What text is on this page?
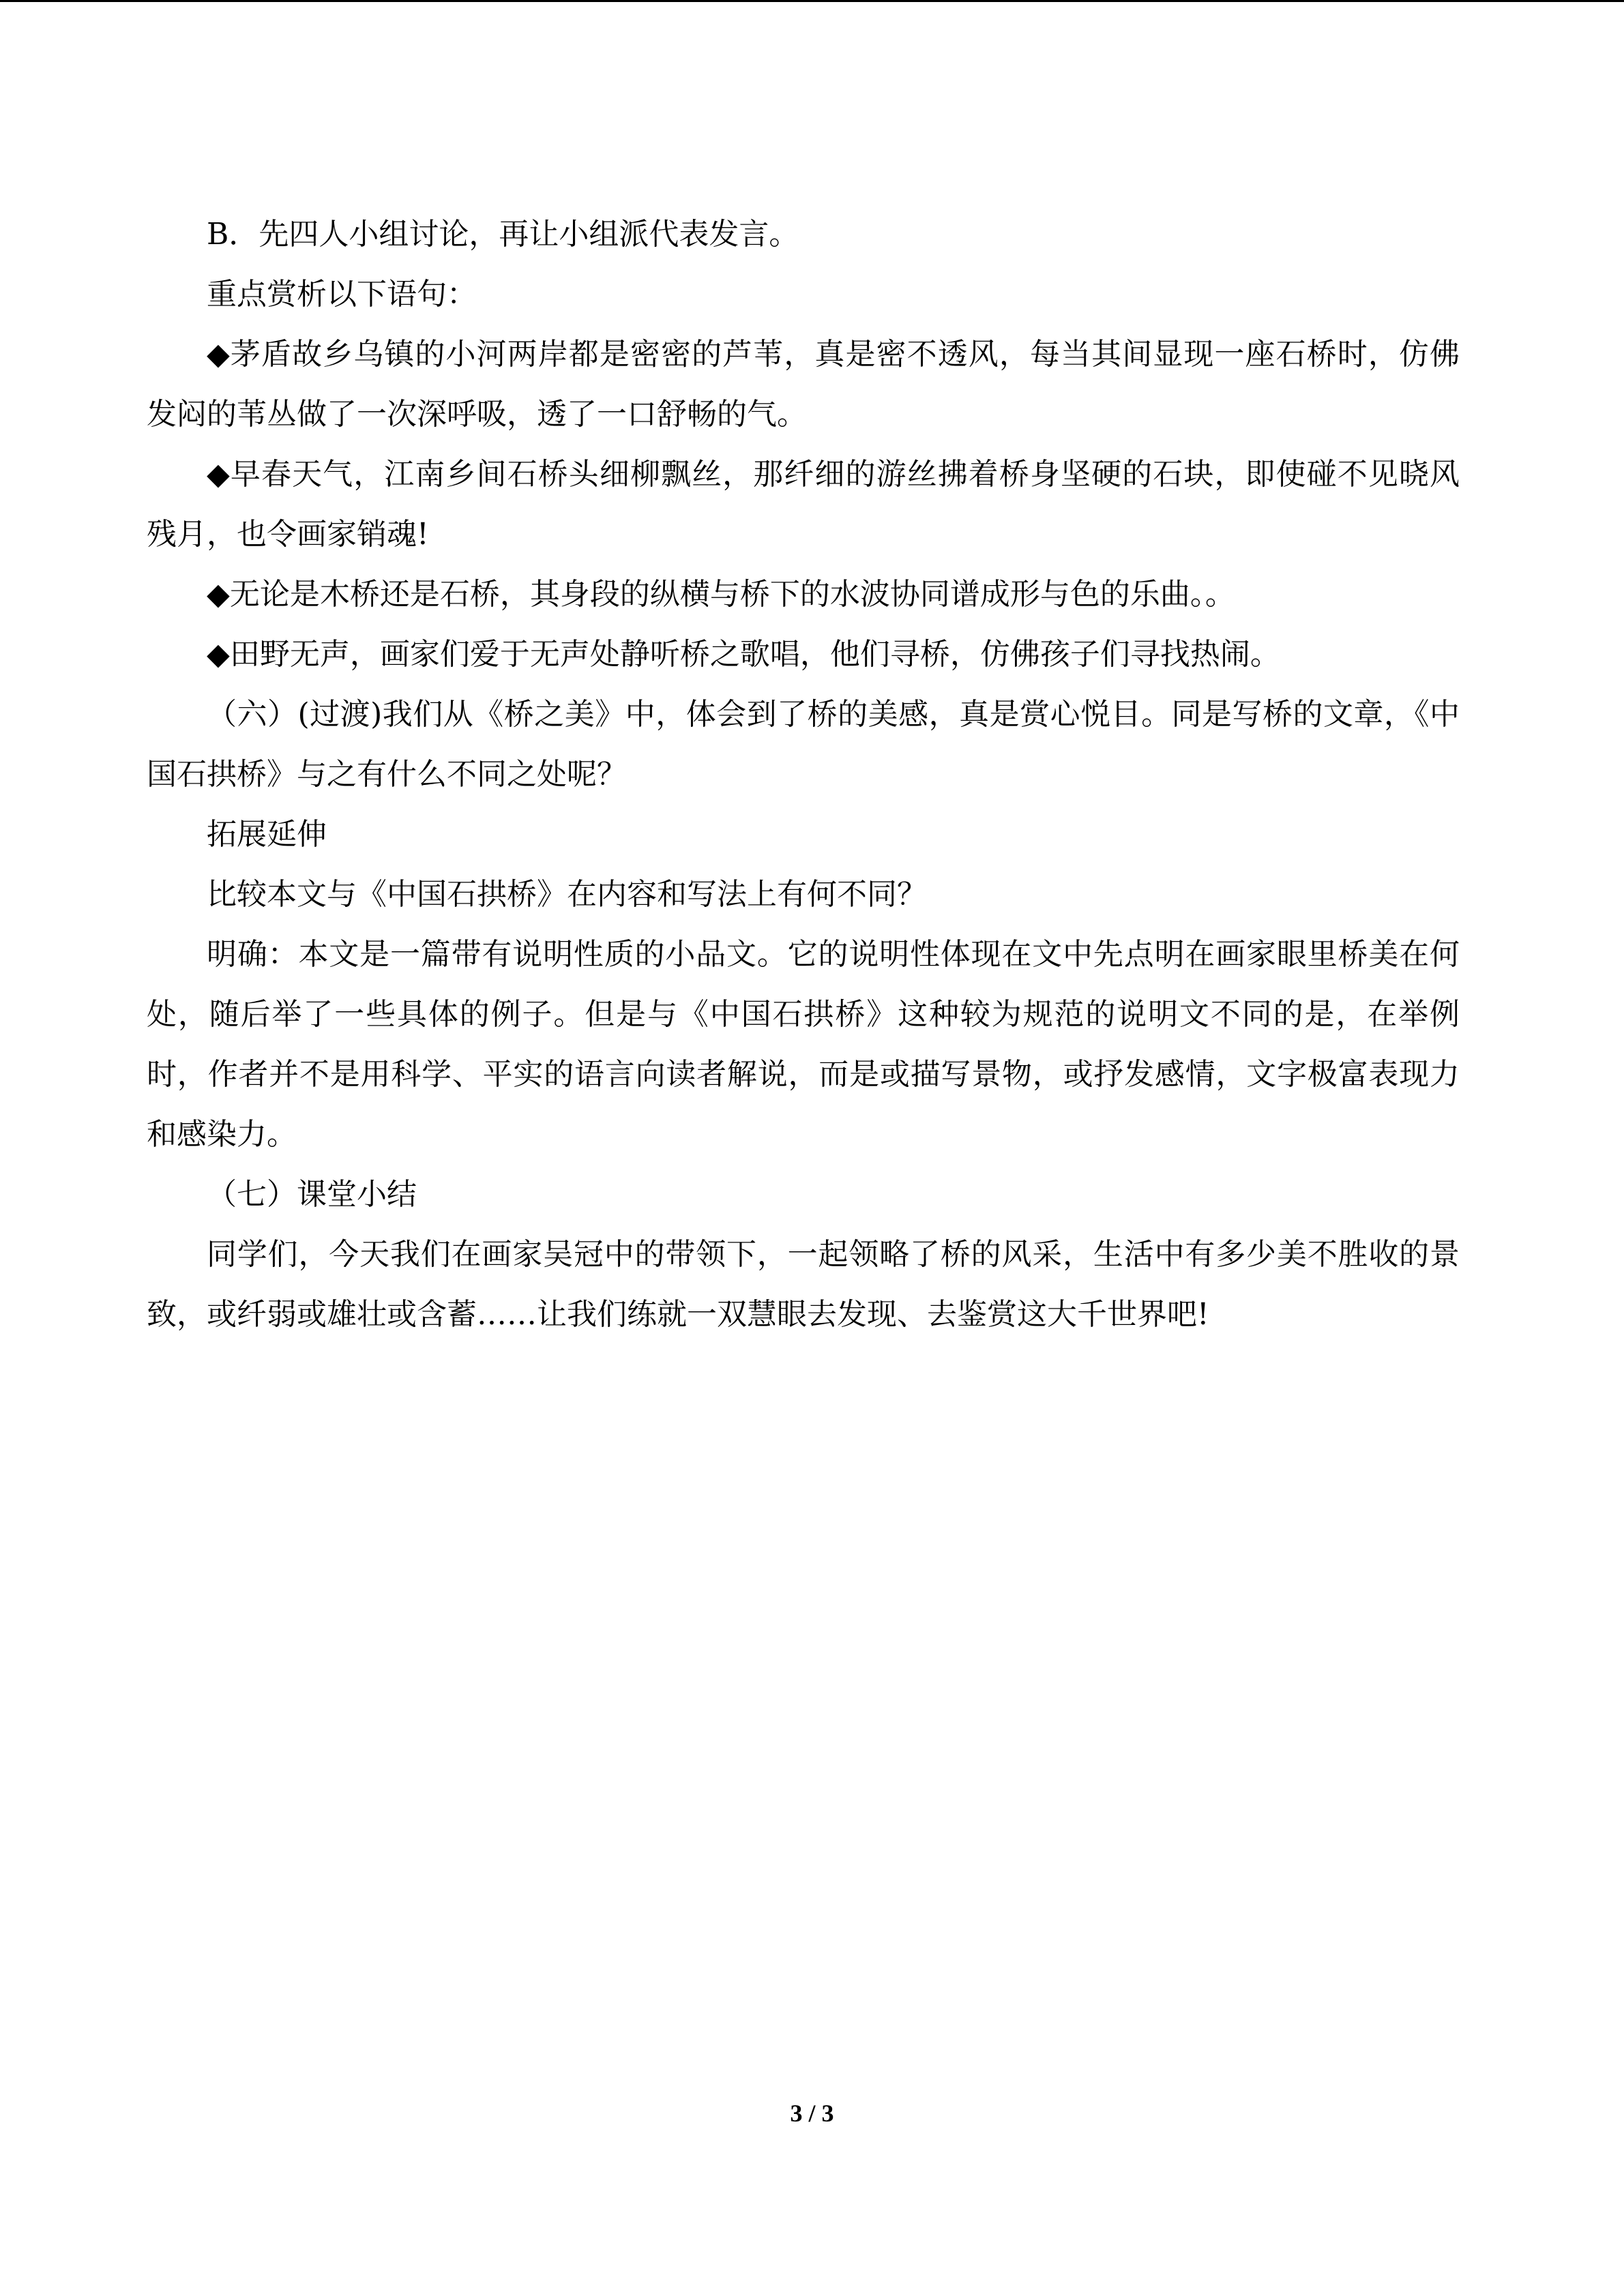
B．先四人小组讨论，再让小组派代表发言。

重点赏析以下语句：

◆茅盾故乡乌镇的小河两岸都是密密的芦苇，真是密不透风，每当其间显现一座石桥时，仿佛发闷的苇丛做了一次深呼吸，透了一口舒畅的气。

◆早春天气，江南乡间石桥头细柳飘丝，那纤细的游丝拂着桥身坚硬的石块，即使碰不见晓风残月，也令画家销魂!

◆无论是木桥还是石桥，其身段的纵横与桥下的水波协同谱成形与色的乐曲。。

◆田野无声，画家们爱于无声处静听桥之歌唱，他们寻桥，仿佛孩子们寻找热闹。

（六）(过渡)我们从《桥之美》中，体会到了桥的美感，真是赏心悦目。同是写桥的文章，《中国石拱桥》与之有什么不同之处呢？

拓展延伸

比较本文与《中国石拱桥》在内容和写法上有何不同？

明确：本文是一篇带有说明性质的小品文。它的说明性体现在文中先点明在画家眼里桥美在何处，随后举了一些具体的例子。但是与《中国石拱桥》这种较为规范的说明文不同的是，在举例时，作者并不是用科学、平实的语言向读者解说，而是或描写景物，或抒发感情，文字极富表现力和感染力。

（七）课堂小结

同学们，今天我们在画家吴冠中的带领下，一起领略了桥的风采，生活中有多少美不胜收的景致，或纤弱或雄壮或含蓄……让我们练就一双慧眼去发现、去鉴赏这大千世界吧!

3 / 3
